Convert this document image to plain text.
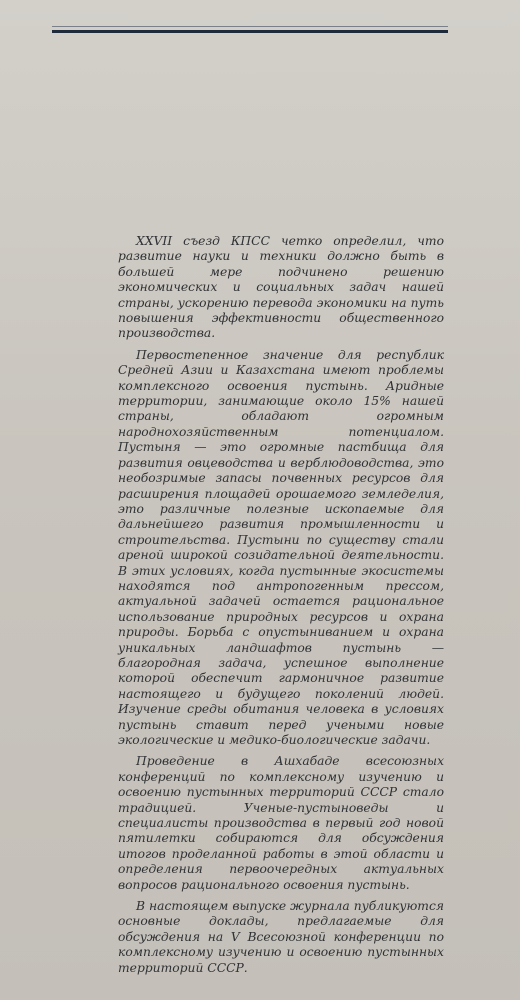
XXVII съезд КПСС четко определил, что развитие науки и техники должно быть в большей мере подчинено решению экономических и социальных задач нашей страны, ускорению перевода экономики на путь повышения эффективности общественного производства.

Первостепенное значение для республик Средней Азии и Казахстана имеют проблемы комплексного освоения пустынь. Аридные территории, занимающие около 15% нашей страны, обладают огромным народнохозяйственным потенциалом. Пустыня — это огромные пастбища для развития овцеводства и верблюдоводства, это необозримые запасы почвенных ресурсов для расширения площадей орошаемого земледелия, это различные полезные ископаемые для дальнейшего развития промышленности и строительства. Пустыни по существу стали ареной широкой созидательной деятельности. В этих условиях, когда пустынные экосистемы находятся под антропогенным прессом, актуальной задачей остается рациональное использование природных ресурсов и охрана природы. Борьба с опустыниванием и охрана уникальных ландшафтов пустынь — благородная задача, успешное выполнение которой обеспечит гармоничное развитие настоящего и будущего поколений людей. Изучение среды обитания человека в условиях пустынь ставит перед учеными новые экологические и медико-биологические задачи.

Проведение в Ашхабаде всесоюзных конференций по комплексному изучению и освоению пустынных территорий СССР стало традицией. Ученые-пустыноведы и специалисты производства в первый год новой пятилетки собираются для обсуждения итогов проделанной работы в этой области и определения первоочередных актуальных вопросов рационального освоения пустынь.

В настоящем выпуске журнала публикуются основные доклады, предлагаемые для обсуждения на V Всесоюзной конференции по комплексному изучению и освоению пустынных территорий СССР.
